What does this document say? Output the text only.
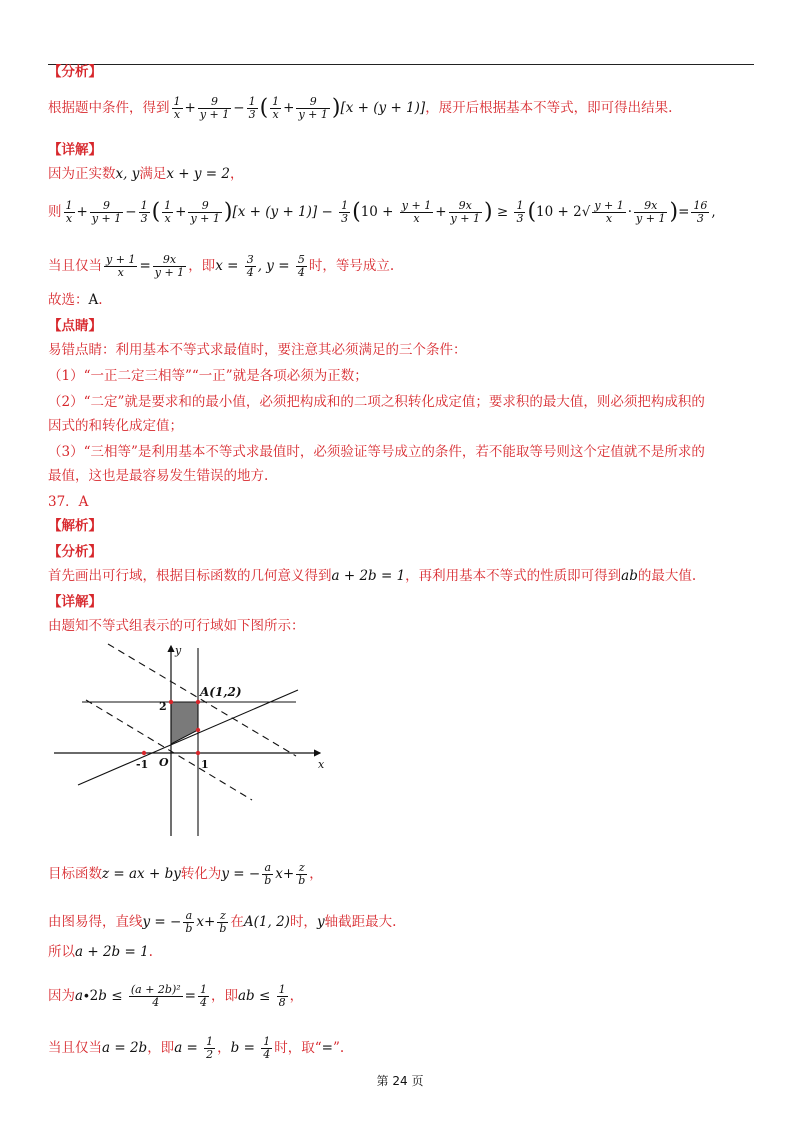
【分析】
根据题中条件，得到 $\frac{1}{x} + \frac{9}{y + 1} - \frac{1}{3}$ ( $\frac{1}{x} + \frac{9}{y + 1} )[x + (y + 1)]$，展开后根据基本不等式，即可得出结果.
【详解】
因为正实数x, y满足x + y = 2，
则 $\frac{1}{x} + \frac{9}{y + 1} - \frac{1}{3}$ ( $\frac{1}{x} + \frac{9}{y + 1} )[x + (y + 1)] - \frac{1}{3} (10 + \frac{y + 1}{x} + \frac{9x}{y + 1}$ ) ≥ $\frac{1}{3} (10 + 2√ \frac{y + 1}{x} \cdot \frac{9x}{y + 1}$ )= $\frac{16}{3}$ ,
当且仅当 $\frac{y + 1}{x} = \frac{9x}{y + 1}$ ，即$x = \frac{3}{4}$ , $y = \frac{5}{4}$ 时，等号成立.
故选：A.
【点睛】
易错点睛：利用基本不等式求最值时，要注意其必须满足的三个条件：
（1）“一正二定三相等”“一正”就是各项必须为正数；
（2）“二定”就是要求和的最小值，必须把构成和的二项之积转化成定值；要求积的最大值，则必须把构成积的
因式的和转化成定值；
（3）“三相等”是利用基本不等式求最值时，必须验证等号成立的条件，若不能取等号则这个定值就不是所求的
最值，这也是最容易发生错误的地方.
37．A
【解析】
【分析】
首先画出可行域，根据目标函数的几何意义得到a + 2b = 1，再利用基本不等式的性质即可得到ab的最大值.
【详解】
由题知不等式组表示的可行域如下图所示：
y
x
A(1,2)
2
-1 O	1
目标函数z = ax + by转化为y = − $\frac{a}{b} x+ \frac{z}{b}$ ，
由图易得，直线y = − $\frac{a}{b} x+ \frac{z}{b}$ 在A(1, 2)时，y轴截距最大.
所以a + 2b = 1.
因为$a\cdot 2b \le \frac{\text{(a + 2b)²}}{4} = \frac{1}{4}$ ，即ab ≤ $\frac{1}{8}$ ，
当且仅当a = 2b，即$a = \frac{1}{2}$ ，$b = \frac{1}{4}$ 时，取“=”.
第 24 页
